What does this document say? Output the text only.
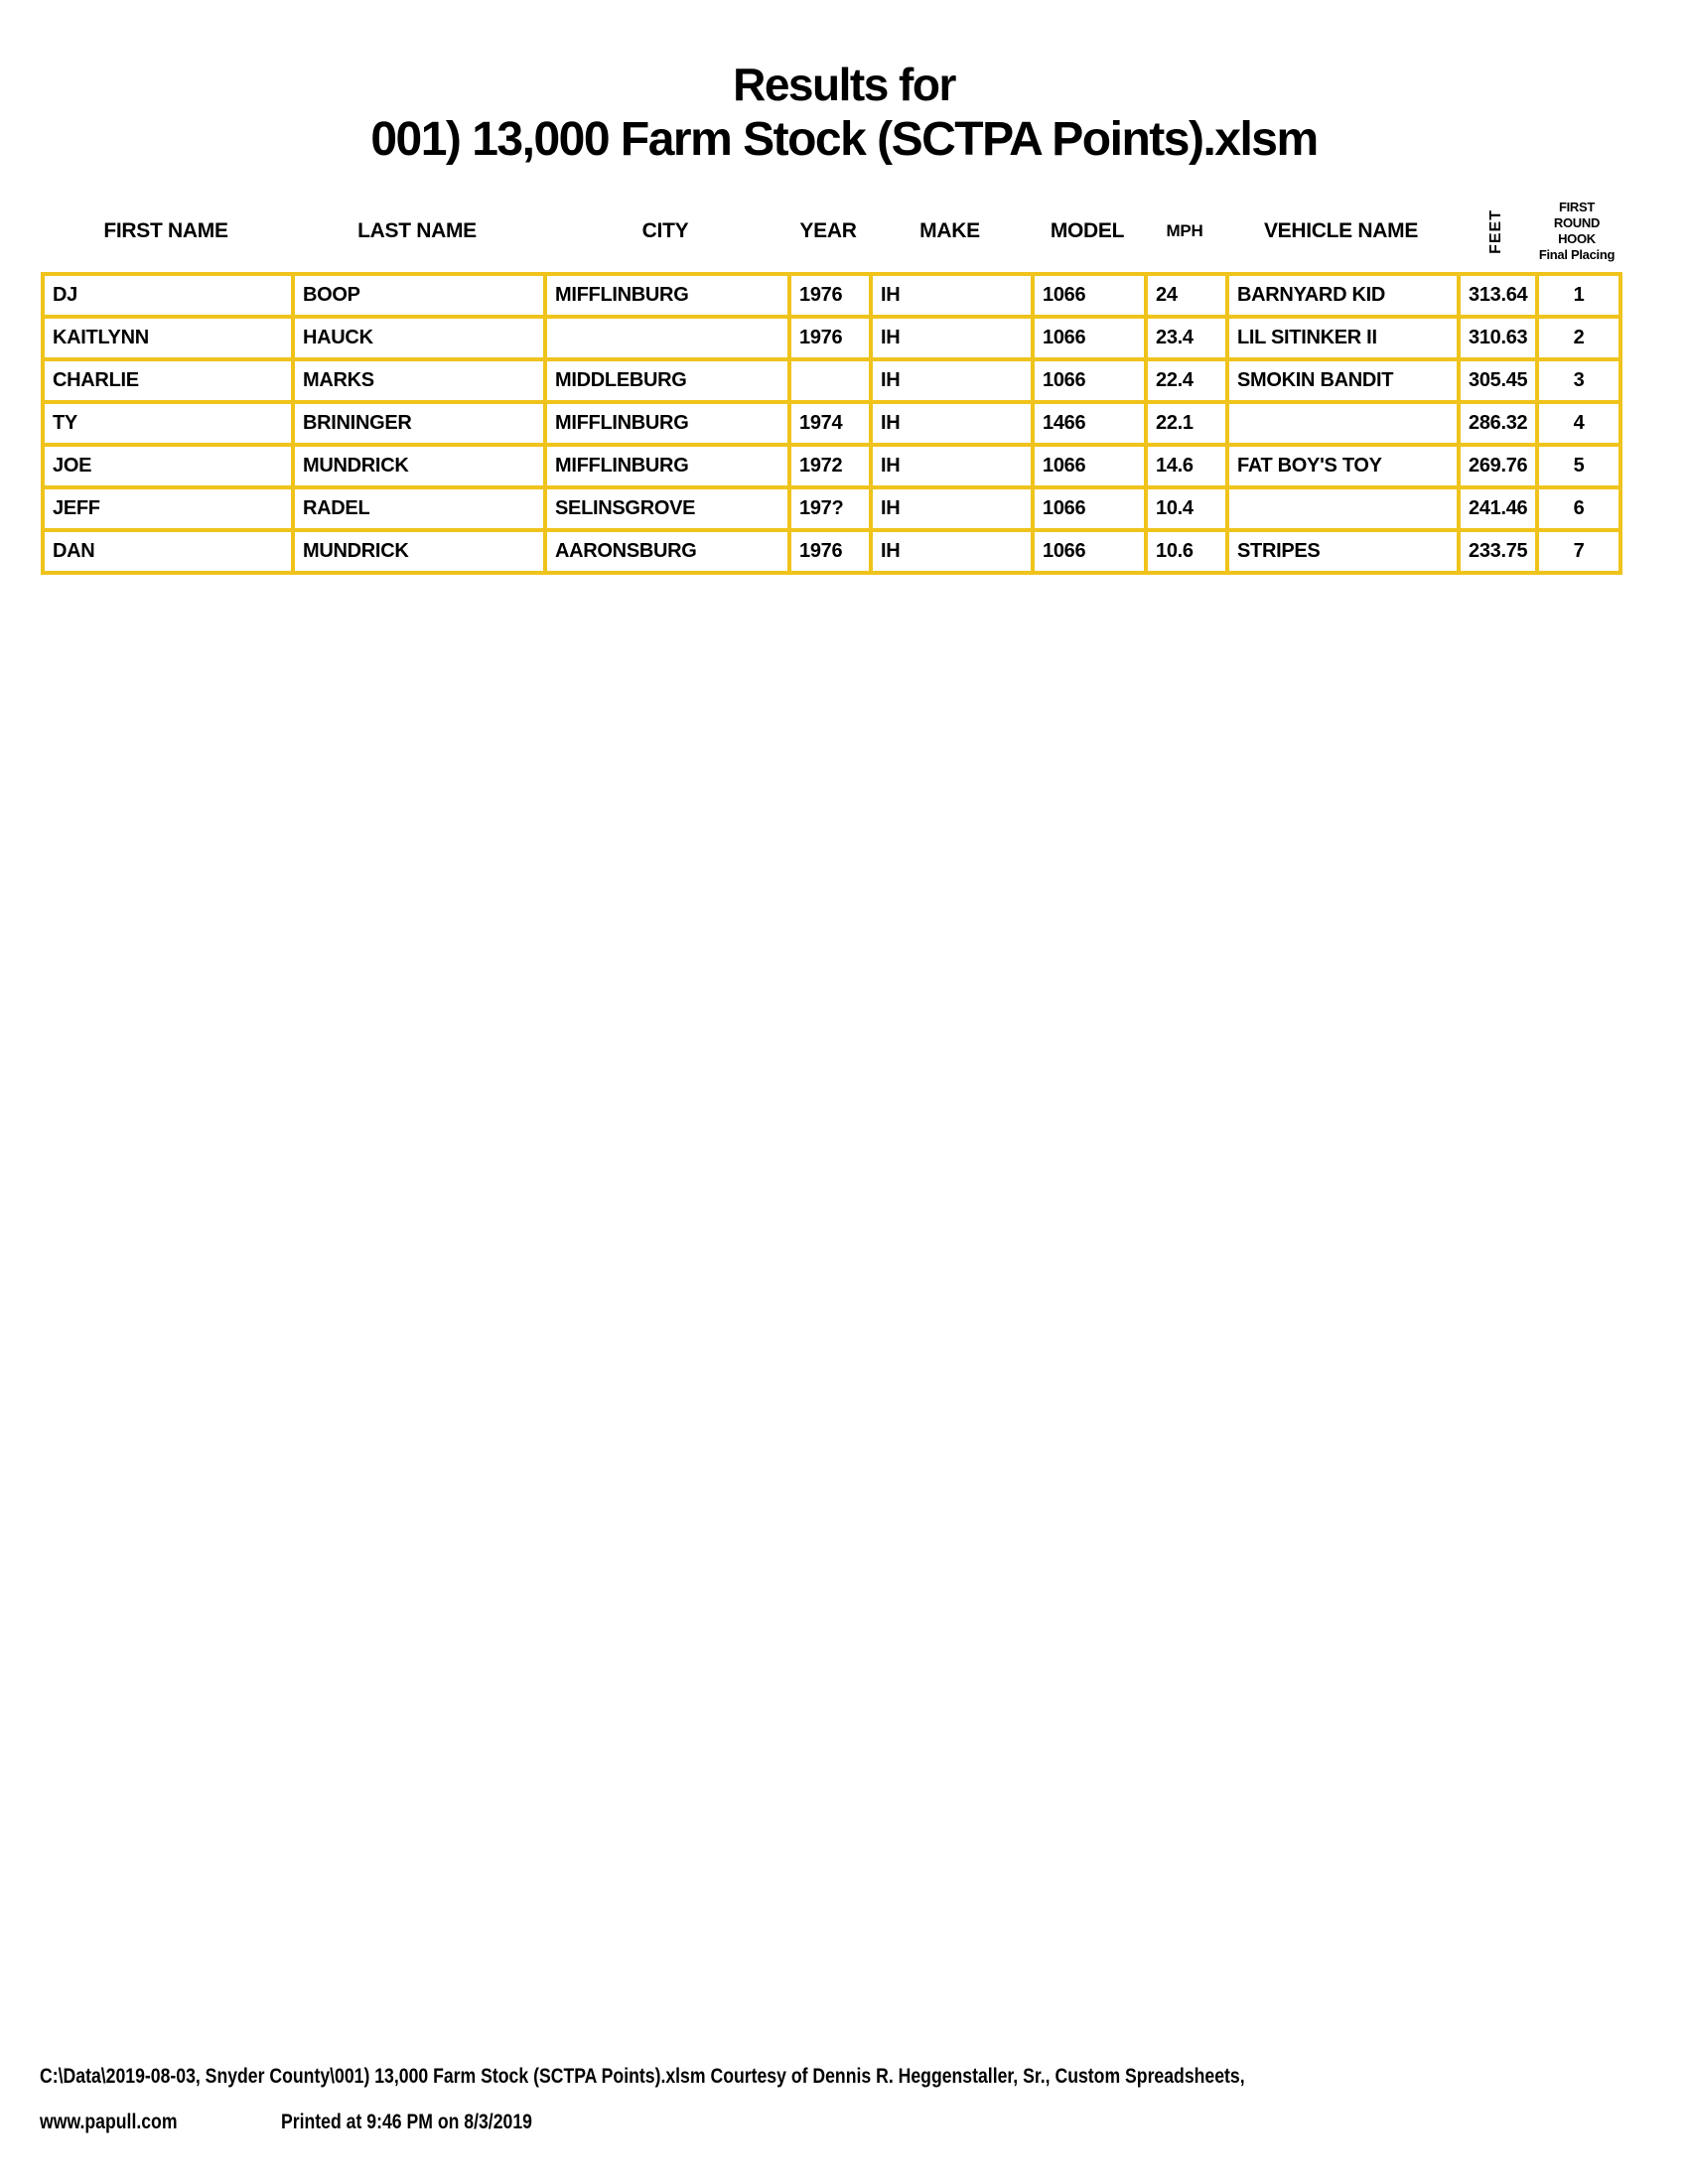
Results for
001) 13,000 Farm Stock (SCTPA Points).xlsm
FIRST NAME	LAST NAME	CITY	YEAR	MAKE	MODEL	MPH	VEHICLE NAME	FEET
FIRST ROUND
HOOK
Final Placing
DJ	BOOP	MIFFLINBURG	1976	IH	1066	24	BARNYARD KID	313.64	1
KAITLYNN	HAUCK		1976	IH	1066	23.4	LIL SITINKER II	310.63	2
CHARLIE	MARKS	MIDDLEBURG		IH	1066	22.4	SMOKIN BANDIT	305.45	3
TY	BRININGER	MIFFLINBURG	1974	IH	1466	22.1		286.32	4
JOE	MUNDRICK	MIFFLINBURG	1972	IH	1066	14.6	FAT BOY'S TOY	269.76	5
JEFF	RADEL	SELINSGROVE	197?	IH	1066	10.4		241.46	6
DAN	MUNDRICK	AARONSBURG	1976	IH	1066	10.6	STRIPES	233.75	7
C:\Data\2019-08-03, Snyder County\001) 13,000 Farm Stock (SCTPA Points).xlsm Courtesy of Dennis R. Heggenstaller, Sr., Custom Spreadsheets,
www.papull.com	Printed at 9:46 PM on 8/3/2019
